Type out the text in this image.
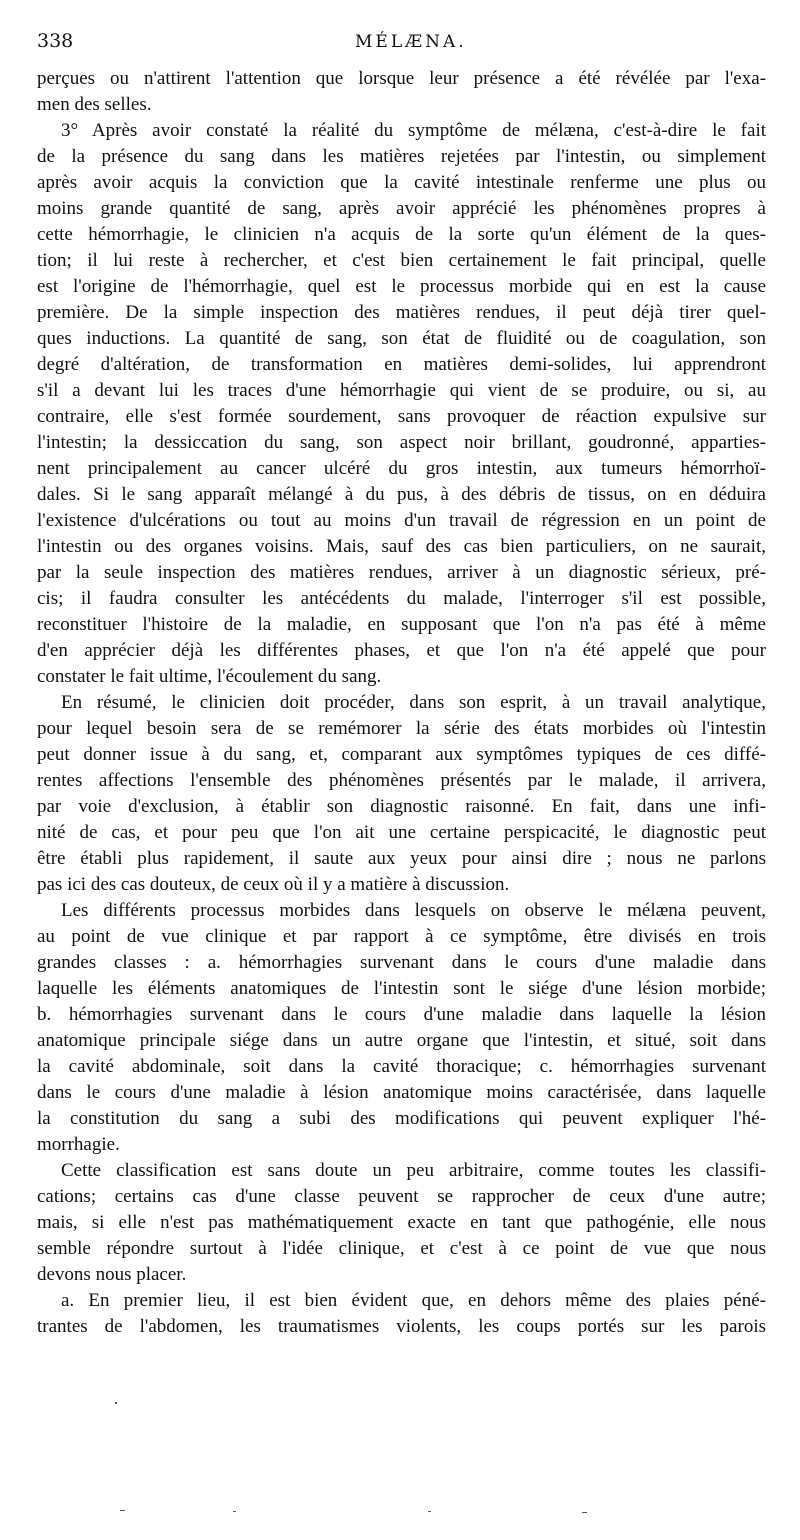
338	MÉLÆNA.
perçues ou n'attirent l'attention que lorsque leur présence a été révélée par l'exa-
men des selles.
3° Après avoir constaté la réalité du symptôme de mélæna, c'est-à-dire le fait
de la présence du sang dans les matières rejetées par l'intestin, ou simplement
après avoir acquis la conviction que la cavité intestinale renferme une plus ou
moins grande quantité de sang, après avoir apprécié les phénomènes propres à
cette hémorrhagie, le clinicien n'a acquis de la sorte qu'un élément de la ques-
tion; il lui reste à rechercher, et c'est bien certainement le fait principal, quelle
est l'origine de l'hémorrhagie, quel est le processus morbide qui en est la cause
première. De la simple inspection des matières rendues, il peut déjà tirer quel-
ques inductions. La quantité de sang, son état de fluidité ou de coagulation, son
degré d'altération, de transformation en matières demi-solides, lui apprendront
s'il a devant lui les traces d'une hémorrhagie qui vient de se produire, ou si, au
contraire, elle s'est formée sourdement, sans provoquer de réaction expulsive sur
l'intestin; la dessiccation du sang, son aspect noir brillant, goudronné, apparties-
nent principalement au cancer ulcéré du gros intestin, aux tumeurs hémorrhoï-
dales. Si le sang apparaît mélangé à du pus, à des débris de tissus, on en déduira
l'existence d'ulcérations ou tout au moins d'un travail de régression en un point de
l'intestin ou des organes voisins. Mais, sauf des cas bien particuliers, on ne saurait,
par la seule inspection des matières rendues, arriver à un diagnostic sérieux, pré-
cis; il faudra consulter les antécédents du malade, l'interroger s'il est possible,
reconstituer l'histoire de la maladie, en supposant que l'on n'a pas été à même
d'en apprécier déjà les différentes phases, et que l'on n'a été appelé que pour
constater le fait ultime, l'écoulement du sang.
En résumé, le clinicien doit procéder, dans son esprit, à un travail analytique,
pour lequel besoin sera de se remémorer la série des états morbides où l'intestin
peut donner issue à du sang, et, comparant aux symptômes typiques de ces diffé-
rentes affections l'ensemble des phénomènes présentés par le malade, il arrivera,
par voie d'exclusion, à établir son diagnostic raisonné. En fait, dans une infi-
nité de cas, et pour peu que l'on ait une certaine perspicacité, le diagnostic peut
être établi plus rapidement, il saute aux yeux pour ainsi dire ; nous ne parlons
pas ici des cas douteux, de ceux où il y a matière à discussion.
Les différents processus morbides dans lesquels on observe le mélæna peuvent,
au point de vue clinique et par rapport à ce symptôme, être divisés en trois
grandes classes : a. hémorrhagies survenant dans le cours d'une maladie dans
laquelle les éléments anatomiques de l'intestin sont le siége d'une lésion morbide;
b. hémorrhagies survenant dans le cours d'une maladie dans laquelle la lésion
anatomique principale siége dans un autre organe que l'intestin, et situé, soit dans
la cavité abdominale, soit dans la cavité thoracique; c. hémorrhagies survenant
dans le cours d'une maladie à lésion anatomique moins caractérisée, dans laquelle
la constitution du sang a subi des modifications qui peuvent expliquer l'hé-
morrhagie.
Cette classification est sans doute un peu arbitraire, comme toutes les classifi-
cations; certains cas d'une classe peuvent se rapprocher de ceux d'une autre;
mais, si elle n'est pas mathématiquement exacte en tant que pathogénie, elle nous
semble répondre surtout à l'idée clinique, et c'est à ce point de vue que nous
devons nous placer.
a. En premier lieu, il est bien évident que, en dehors même des plaies péné-
trantes de l'abdomen, les traumatismes violents, les coups portés sur les parois
